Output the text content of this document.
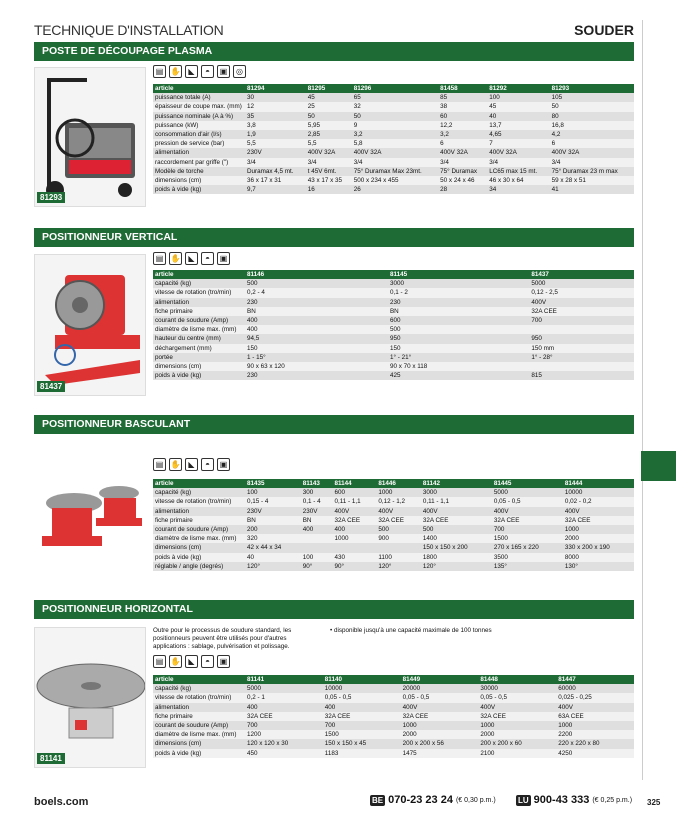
TECHNIQUE D'INSTALLATION	SOUDER
POSTE DE DÉCOUPAGE PLASMA
81293
▤ ✋ ◣	◓	▣	◎
article	81294	81295	81296	81458	81292	81293
puissance totale (A)	30	45	65	85	100	105
épaisseur de coupe max. (mm)	12	25	32	38	45	50
puissance nominale (A à %)	35	50	50	60	40	80
puissance (kW)	3,8	5,95	9	12,2	13,7	16,8
consommation d'air (l/s)	1,9	2,85	3,2	3,2	4,65	4,2
pression de service (bar)	5,5	5,5	5,8	6	7	6
alimentation	230V	400V 32A	400V 32A	400V 32A	400V 32A	400V 32A
raccordement par griffe (")	3/4	3/4	3/4	3/4	3/4	3/4
Modèle de torche	Duramax 4,5 mt.	t 45V 6mt.	75° Duramax Max 23mt.	75° Duramax	LC65 max 15 mt.	75° Duramax 23 m max
dimensions (cm)	36 x 17 x 31	43 x 17 x 35	500 x 234 x 455	50 x 24 x 46	46 x 30 x 64	59 x 28 x 51
poids à vide (kg)	9,7	16	26	28	34	41
POSITIONNEUR VERTICAL
81437
▤ ✋ ◣	◓	▣
article	81146	81145	81437
capacité (kg)	500	3000	5000
vitesse de rotation (tro/min)	0,2 - 4	0,1 - 2	0,12 - 2,5
alimentation	230	230	400V
fiche primaire	BN	BN	32A CEE
courant de soudure (Amp)	400	600	700
diamètre de lisme max. (mm)	400	500	
hauteur du centre (mm)	94,5	950	950
déchargement (mm)	150	150	150 mm
portée	1 - 15°	1° - 21°	1° - 28°
dimensions (cm)	90 x 63 x 120	90 x 70 x 118	
poids à vide (kg)	230	425	815
POSITIONNEUR BASCULANT
▤ ✋ ◣	◓	▣
article	81435	81143	81144	81446	81142	81445	81444
capacité (kg)	100	300	600	1000	3000	5000	10000
vitesse de rotation (tro/min)	0,15 - 4	0,1 - 4	0,11 - 1,1	0,12 - 1,2	0,11 - 1,1	0,05 - 0,5	0,02 - 0,2
alimentation	230V	230V	400V	400V	400V	400V	400V
fiche primaire	BN	BN	32A CEE	32A CEE	32A CEE	32A CEE	32A CEE
courant de soudure (Amp)	200	400	400	500	500	700	1000
diamètre de lisme max. (mm)	320		1000	900	1400	1500	2000
dimensions (cm)	42 x 44 x 34				150 x 150 x 200	270 x 165 x 220	330 x 200 x 190
poids à vide (kg)	40	100	430	1100	1800	3500	8000
réglable / angle (degrés)	120°	90°	90°	120°	120°	135°	130°
POSITIONNEUR HORIZONTAL
81141
Outre pour le processus de soudure standard, les positionneurs peuvent être utilisés pour d'autres applications : sablage, pulvérisation et polissage.
• disponible jusqu'à une capacité maximale de 100 tonnes
▤ ✋ ◣	◓	▣
article	81141	81140	81449	81448	81447
capacité (kg)	5000	10000	20000	30000	60000
vitesse de rotation (tro/min)	0,2 - 1	0,05 - 0,5	0,05 - 0,5	0,05 - 0,5	0,025 - 0,25
alimentation	400	400	400V	400V	400V
fiche primaire	32A CEE	32A CEE	32A CEE	32A CEE	63A CEE
courant de soudure (Amp)	700	700	1000	1000	1000
diamètre de lisme max. (mm)	1200	1500	2000	2000	2200
dimensions (cm)	120 x 120 x 30	150 x 150 x 45	200 x 200 x 56	200 x 200 x 60	220 x 220 x 80
poids à vide (kg)	450	1183	1475	2100	4250
boels.com	BE 070-23 23 24 (€ 0,30 p.m.)	LU 900-43 333 (€ 0,25 p.m.) 325
